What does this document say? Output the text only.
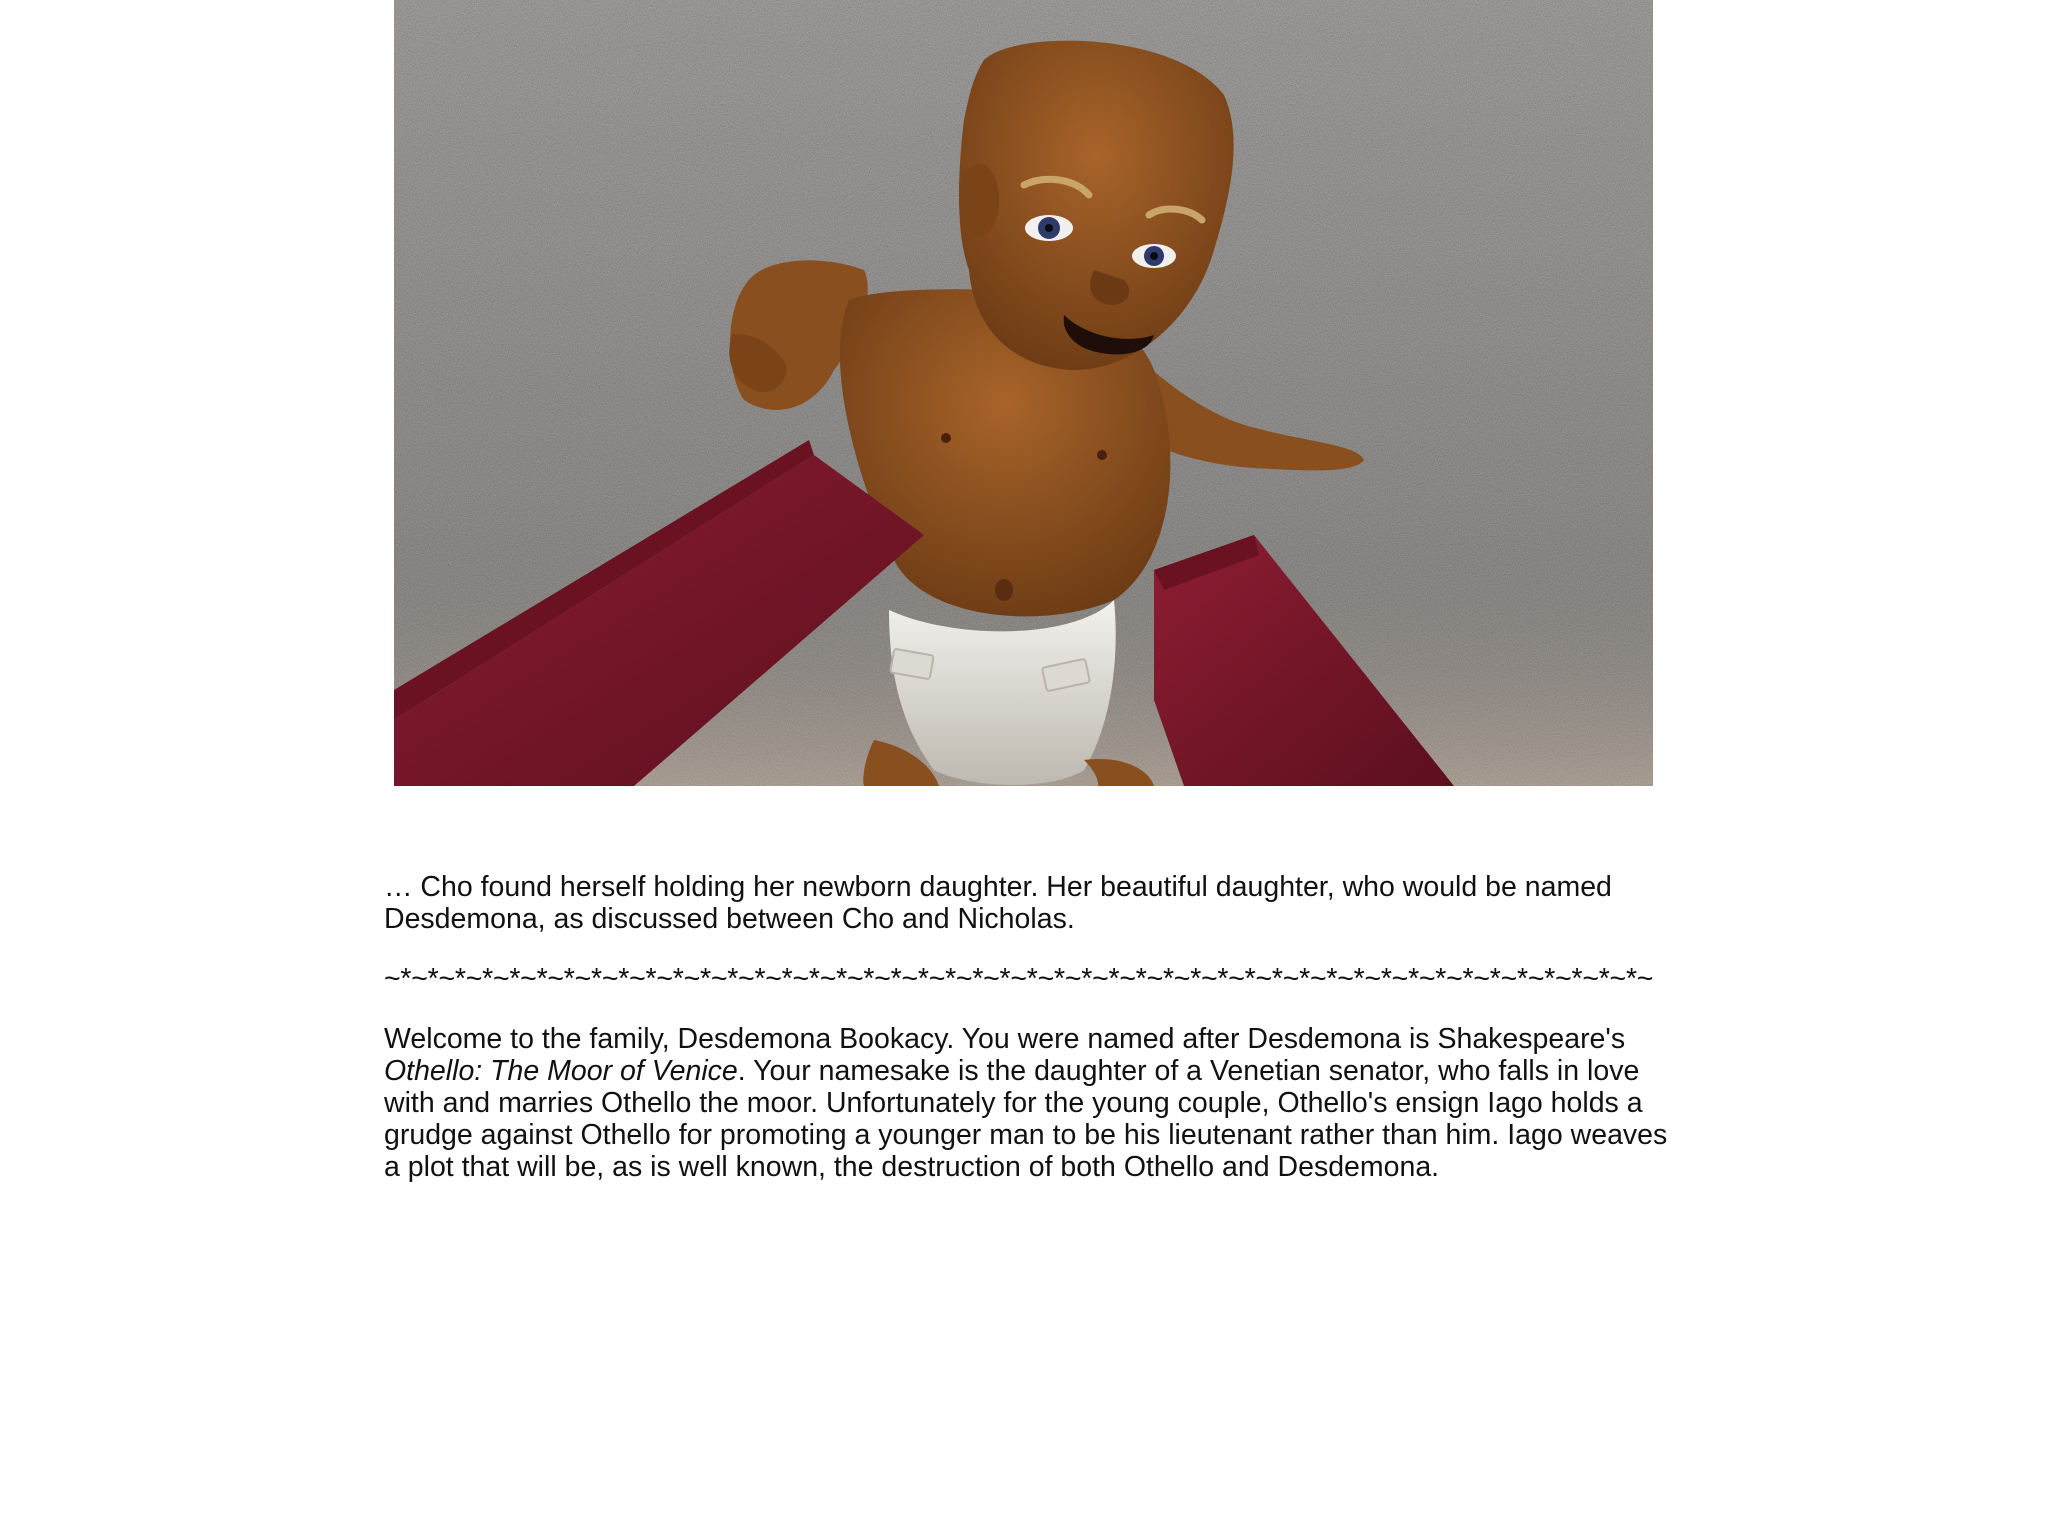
… Cho found herself holding her newborn daughter. Her beautiful daughter, who would be named Desdemona, as discussed between Cho and Nicholas.

~*~*~*~*~*~*~*~*~*~*~*~*~*~*~*~*~*~*~*~*~*~*~*~*~*~*~*~*~*~*~*~*~*~*~*~*~*~*~*~*~*~*~*~*~*~*~

Welcome to the family, Desdemona Bookacy. You were named after Desdemona is Shakespeare's Othello: The Moor of Venice. Your namesake is the daughter of a Venetian senator, who falls in love with and marries Othello the moor. Unfortunately for the young couple, Othello's ensign Iago holds a grudge against Othello for promoting a younger man to be his lieutenant rather than him. Iago weaves a plot that will be, as is well known, the destruction of both Othello and Desdemona.
